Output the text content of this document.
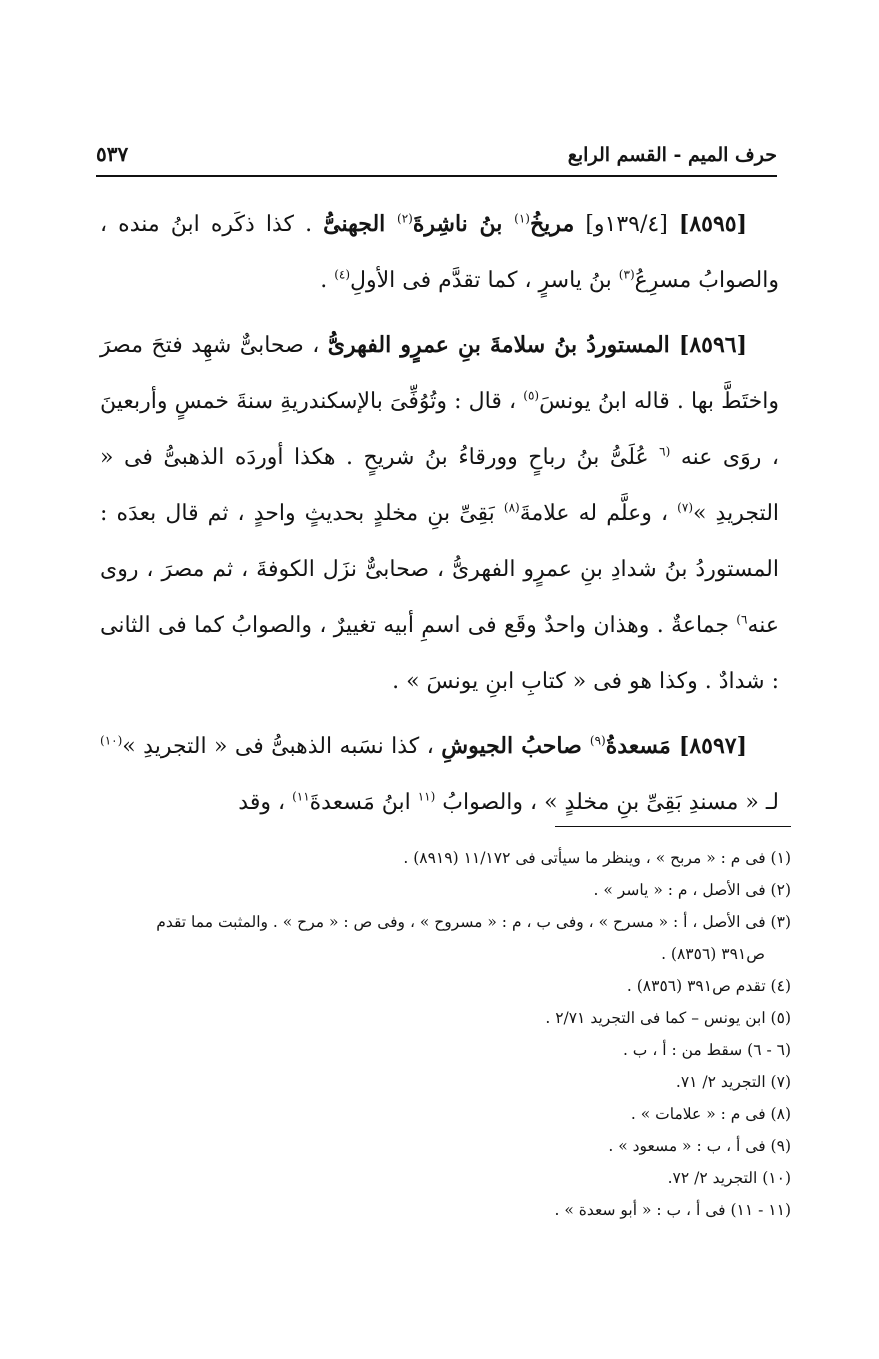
حرف الميم - القسم الرابع
٥٣٧

[٨٥٩٥] [١٣٩/٤و] مريخُ$^{(١)}$ بنُ ناشِرةَ$^{(٢)}$ الجهنىُّ . كذا ذكَره ابنُ منده ، والصوابُ مسرِعُ$^{(٣)}$ بنُ ياسرٍ ، كما تقدَّم فى الأولِ$^{(٤)}$ .

[٨٥٩٦] المستوردُ بنُ سلامةَ بنِ عمرٍو الفهرىُّ ، صحابىٌّ شهِد فتحَ مصرَ واختَطَّ بها . قاله ابنُ يونسَ$^{(٥)}$ ، قال : وتُوُفِّىَ بالإسكندريةِ سنةَ خمسٍ وأربعينَ ، روَى عنه $^{(٦}$ عُلَىُّ بنُ رباحٍ وورقاءُ بنُ شريحٍ . هكذا أوردَه الذهبىُّ فى « التجريدِ »$^{(٧)}$ ، وعلَّم له علامةَ$^{(٨)}$ بَقِىِّ بنِ مخلدٍ بحديثٍ واحدٍ ، ثم قال بعدَه : المستوردُ بنُ شدادِ بنِ عمرٍو الفهرىُّ ، صحابىٌّ نزَل الكوفةَ ، ثم مصرَ ، روى عنه$^{٦)}$ جماعةٌ . وهذان واحدٌ وقَع فى اسمِ أبيه تغييرٌ ، والصوابُ كما فى الثانى : شدادٌ . وكذا هو فى « كتابِ ابنِ يونسَ » .

[٨٥٩٧] مَسعدةُ$^{(٩)}$ صاحبُ الجيوشِ ، كذا نسَبه الذهبىُّ فى « التجريدِ »$^{(١٠)}$ لـ « مسندِ بَقِىِّ بنِ مخلدٍ » ، والصوابُ $^{(١١}$ ابنُ مَسعدةَ$^{١١)}$ ، وقد

(١) فى م : « مربح » ، وينظر ما سيأتى فى ١١/١٧٢ (٨٩١٩) .

(٢) فى الأصل ، م : « ياسر » .

(٣) فى الأصل ، أ : « مسرح » ، وفى ب ، م : « مسروح » ، وفى ص : « مرح » . والمثبت مما تقدم

ص٣٩١ (٨٣٥٦) .

(٤) تقدم ص٣٩١ (٨٣٥٦) .

(٥) ابن يونس – كما فى التجريد ٢/٧١ .

(٦ - ٦) سقط من : أ ، ب .

(٧) التجريد ٢/ ٧١.

(٨) فى م : « علامات » .

(٩) فى أ ، ب : « مسعود » .

(١٠) التجريد ٢/ ٧٢.

(١١ - ١١) فى أ ، ب : « أبو سعدة » .
